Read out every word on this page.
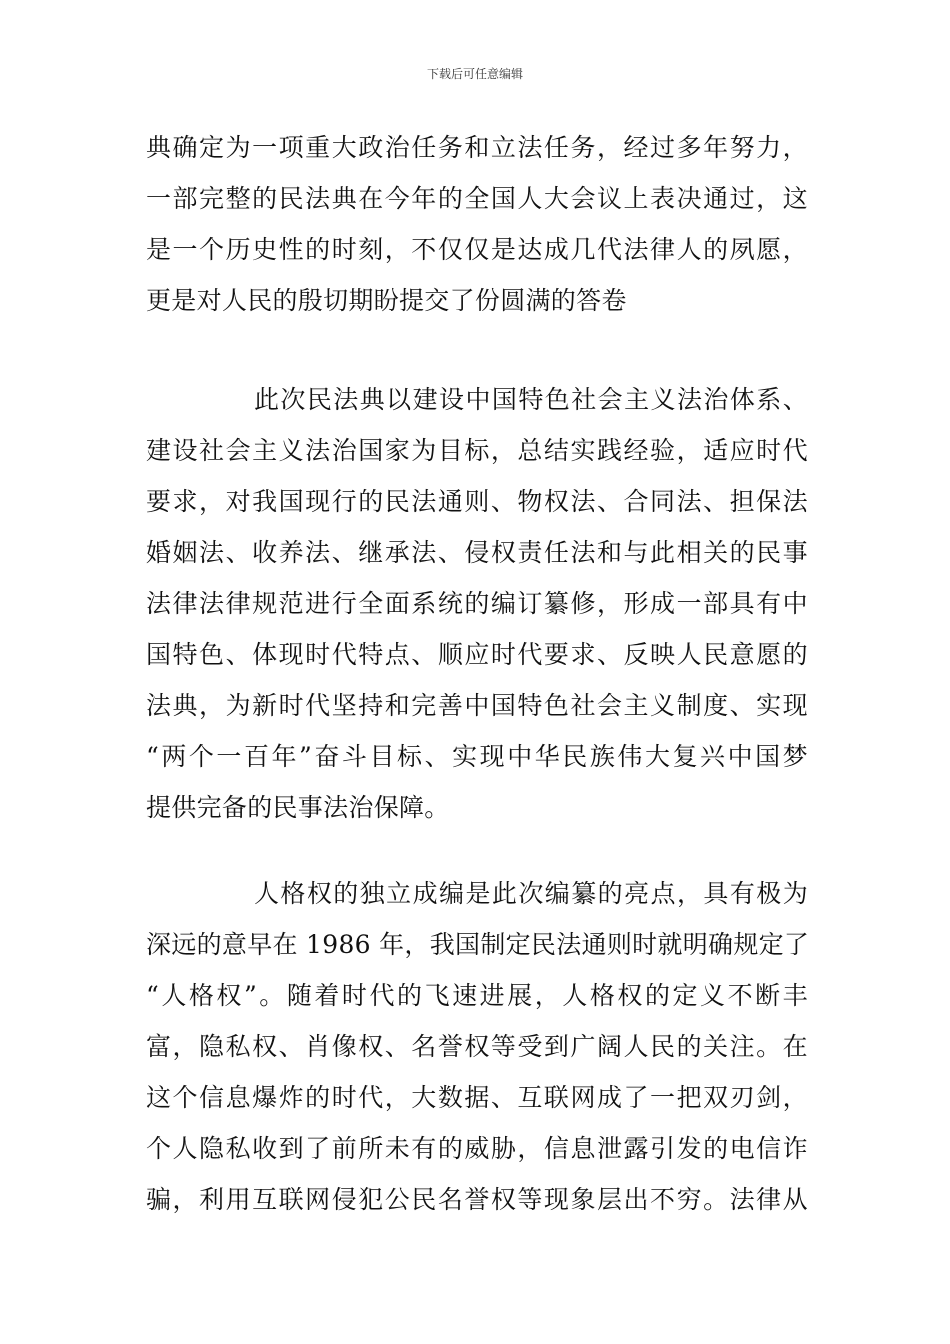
下载后可任意编辑
典确定为一项重大政治任务和立法任务，经过多年努力，
一部完整的民法典在今年的全国人大会议上表决通过，这
是一个历史性的时刻，不仅仅是达成几代法律人的夙愿，
更是对人民的殷切期盼提交了份圆满的答卷
此次民法典以建设中国特色社会主义法治体系、
建设社会主义法治国家为目标，总结实践经验，适应时代
要求，对我国现行的民法通则、物权法、合同法、担保法
婚姻法、收养法、继承法、侵权责任法和与此相关的民事
法律法律规范进行全面系统的编订纂修，形成一部具有中
国特色、体现时代特点、顺应时代要求、反映人民意愿的
法典，为新时代坚持和完善中国特色社会主义制度、实现
“两个一百年”奋斗目标、实现中华民族伟大复兴中国梦
提供完备的民事法治保障。
人格权的独立成编是此次编纂的亮点，具有极为
深远的意早在 1986 年，我国制定民法通则时就明确规定了
“人格权”。随着时代的飞速进展，人格权的定义不断丰
富，隐私权、肖像权、名誉权等受到广阔人民的关注。在
这个信息爆炸的时代，大数据、互联网成了一把双刃剑，
个人隐私收到了前所未有的威胁，信息泄露引发的电信诈
骗，利用互联网侵犯公民名誉权等现象层出不穷。法律从
